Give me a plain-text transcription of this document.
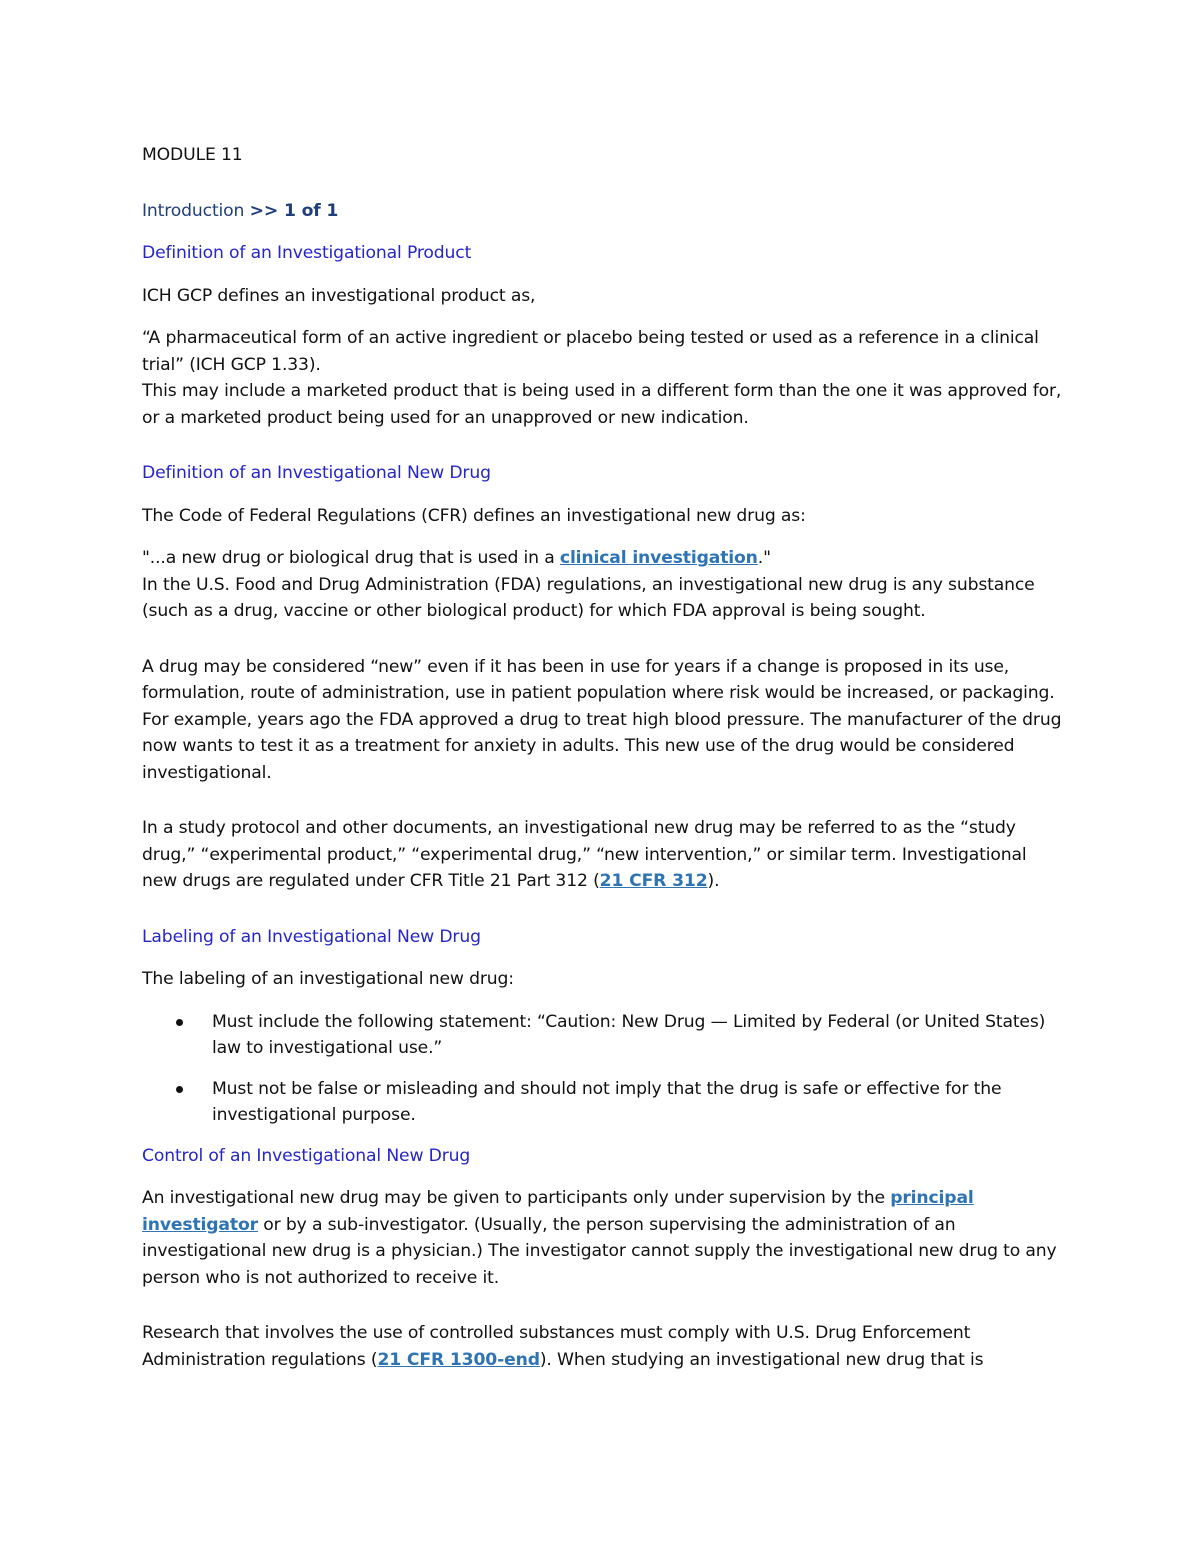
MODULE 11

Introduction >> 1 of 1

Definition of an Investigational Product

ICH GCP defines an investigational product as,

“A pharmaceutical form of an active ingredient or placebo being tested or used as a reference in a clinical trial” (ICH GCP 1.33).
This may include a marketed product that is being used in a different form than the one it was approved for, or a marketed product being used for an unapproved or new indication.

Definition of an Investigational New Drug

The Code of Federal Regulations (CFR) defines an investigational new drug as:

"...a new drug or biological drug that is used in a clinical investigation."
In the U.S. Food and Drug Administration (FDA) regulations, an investigational new drug is any substance (such as a drug, vaccine or other biological product) for which FDA approval is being sought.

A drug may be considered “new” even if it has been in use for years if a change is proposed in its use, formulation, route of administration, use in patient population where risk would be increased, or packaging. For example, years ago the FDA approved a drug to treat high blood pressure. The manufacturer of the drug now wants to test it as a treatment for anxiety in adults. This new use of the drug would be considered investigational.

In a study protocol and other documents, an investigational new drug may be referred to as the “study drug,” “experimental product,” “experimental drug,” “new intervention,” or similar term. Investigational new drugs are regulated under CFR Title 21 Part 312 (21 CFR 312).

Labeling of an Investigational New Drug

The labeling of an investigational new drug:

Must include the following statement: “Caution: New Drug — Limited by Federal (or United States) law to investigational use.”
Must not be false or misleading and should not imply that the drug is safe or effective for the investigational purpose.
Control of an Investigational New Drug

An investigational new drug may be given to participants only under supervision by the principal investigator or by a sub-investigator. (Usually, the person supervising the administration of an investigational new drug is a physician.) The investigator cannot supply the investigational new drug to any person who is not authorized to receive it.

Research that involves the use of controlled substances must comply with U.S. Drug Enforcement Administration regulations (21 CFR 1300-end). When studying an investigational new drug that is
